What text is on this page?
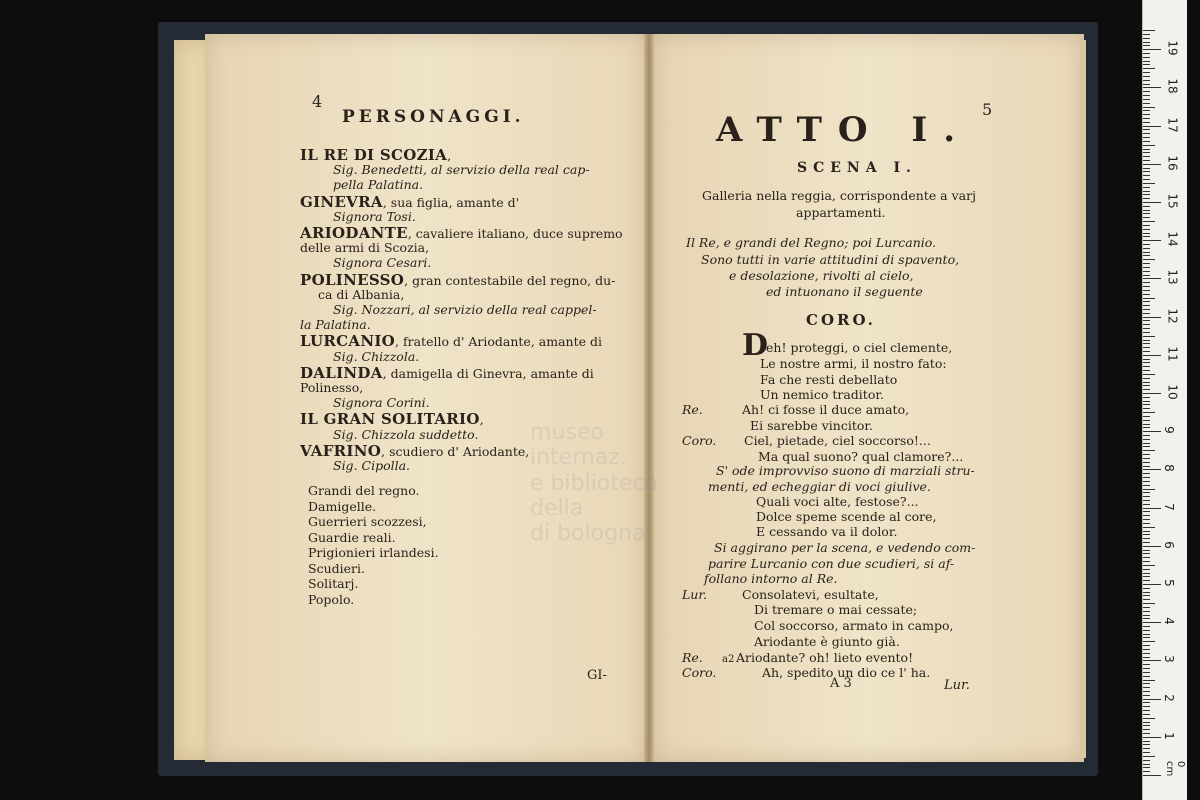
4
PERSONAGGI.
IL RE DI SCOZIA,
Sig. Benedetti, al servizio della real cap-
pella Palatina.
GINEVRA, sua figlia, amante d'
Signora Tosi.
ARIODANTE, cavaliere italiano, duce supremo
delle armi di Scozia,
Signora Cesari.
POLINESSO, gran contestabile del regno, du-
ca di Albania,
Sig. Nozzari, al servizio della real cappel-
la Palatina.
LURCANIO, fratello d' Ariodante, amante di
Sig. Chizzola.
DALINDA, damigella di Ginevra, amante di
Polinesso,
Signora Corini.
IL GRAN SOLITARIO,
Sig. Chizzola suddetto.
VAFRINO, scudiero d' Ariodante,
Sig. Cipolla.
Grandi del regno.
Damigelle.
Guerrieri scozzesi,
Guardie reali.
Prigionieri irlandesi.
Scudieri.
Solitarj.
Popolo.
GI-
museo internaz.
e biblioteca della
di bologna
ATTO I.
5
SCENA I.
Galleria nella reggia, corrispondente a varj
appartamenti.
Il Re, e grandi del Regno; poi Lurcanio.
Sono tutti in varie attitudini di spavento,
e desolazione, rivolti al cielo,
ed intuonano il seguente
CORO.
D
eh! proteggi, o ciel clemente,
Le nostre armi, il nostro fato:
Fa che resti debellato
Un nemico traditor.
Re.	Ah! ci fosse il duce amato,
Ei sarebbe vincitor.
Coro. Ciel, pietade, ciel soccorso!...
Ma qual suono? qual clamore?...
S' ode improvviso suono di marziali stru-
menti, ed echeggiar di voci giulive.
Quali voci alte, festose?...
Dolce speme scende al core,
E cessando va il dolor.
Si aggirano per la scena, e vedendo com-
parire Lurcanio con due scudieri, si af-
follano intorno al Re.
Lur.	Consolatevi, esultate,
Di tremare o mai cessate;
Col soccorso, armato in campo,
Ariodante è giunto già.
Re.	Ariodante? oh! lieto evento!
Coro.	Ah, spedito un dio ce l' ha.
a2
A 3	Lur.
0 cm
1
2
3
4
5
6
7
8
9
10
11
12
13
14
15
16
17
18
19
